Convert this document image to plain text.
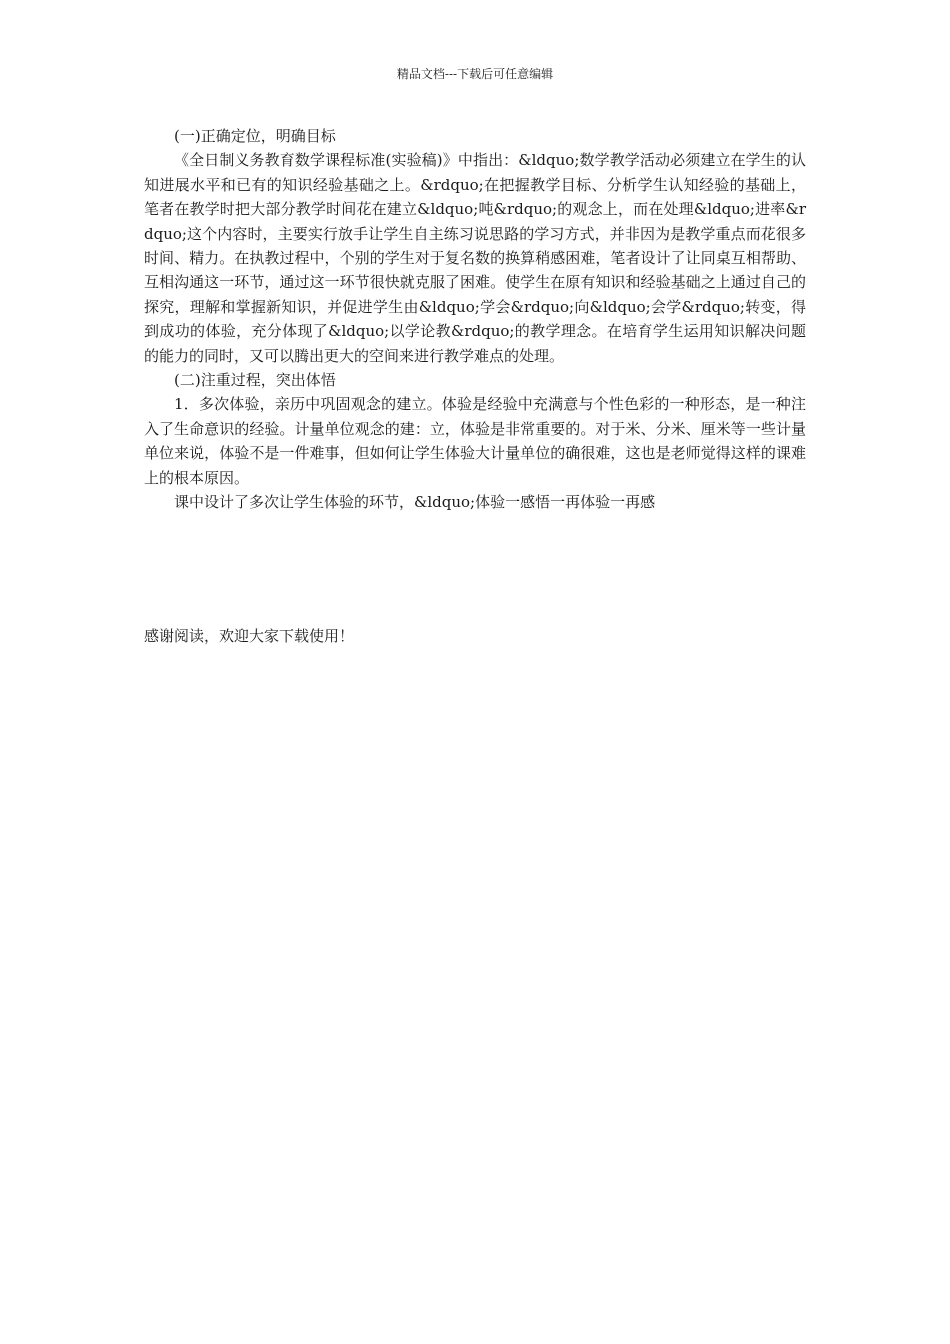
精品文档---下载后可任意编辑

(一)正确定位，明确目标

《全日制义务教育数学课程标准(实验稿)》中指出：&ldquo;数学教学活动必须建立在学生的认知进展水平和已有的知识经验基础之上。&rdquo;在把握教学目标、分析学生认知经验的基础上，笔者在教学时把大部分教学时间花在建立&ldquo;吨&rdquo;的观念上，而在处理&ldquo;进率&rdquo;这个内容时，主要实行放手让学生自主练习说思路的学习方式，并非因为是教学重点而花很多时间、精力。在执教过程中，个别的学生对于复名数的换算稍感困难，笔者设计了让同桌互相帮助、互相沟通这一环节，通过这一环节很快就克服了困难。使学生在原有知识和经验基础之上通过自己的探究，理解和掌握新知识，并促进学生由&ldquo;学会&rdquo;向&ldquo;会学&rdquo;转变，得到成功的体验，充分体现了&ldquo;以学论教&rdquo;的教学理念。在培育学生运用知识解决问题的能力的同时，又可以腾出更大的空间来进行教学难点的处理。

(二)注重过程，突出体悟

1．多次体验，亲历中巩固观念的建立。体验是经验中充满意与个性色彩的一种形态，是一种注入了生命意识的经验。计量单位观念的建：立，体验是非常重要的。对于米、分米、厘米等一些计量单位来说，体验不是一件难事，但如何让学生体验大计量单位的确很难，这也是老师觉得这样的课难上的根本原因。

课中设计了多次让学生体验的环节，&ldquo;体验一感悟一再体验一再感

感谢阅读，欢迎大家下载使用！
